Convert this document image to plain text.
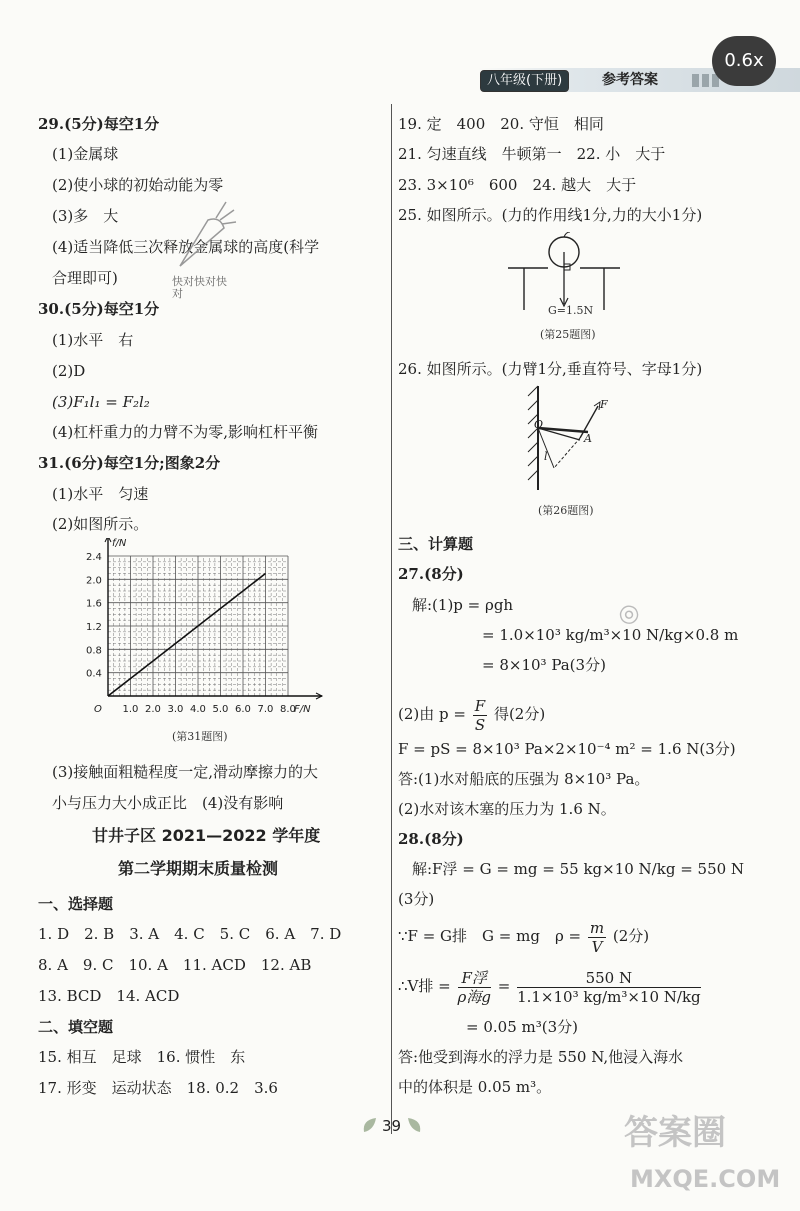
八年级(下册)	参考答案
0.6x
29.(5分)每空1分
(1)金属球
(2)使小球的初始动能为零
(3)多　大
(4)适当降低三次释放金属球的高度(科学
合理即可)	快对快对快对
30.(5分)每空1分
(1)水平　右
(2)D
(3)F₁l₁ = F₂l₂
(4)杠杆重力的力臂不为零,影响杠杆平衡
31.(6分)每空1分;图象2分
(1)水平　匀速
(2)如图所示。
1.0 2.0 3.0 4.0 5.0 6.0 7.0 8.0
0.4
0.8
1.2
1.6
2.0
2.4
F/N
f/N
O
(第31题图)
(3)接触面粗糙程度一定,滑动摩擦力的大
小与压力大小成正比　(4)没有影响
甘井子区 2021—2022 学年度
第二学期期末质量检测
一、选择题
1. D　2. B　3. A　4. C　5. C　6. A　7. D
8. A　9. C　10. A　11. ACD　12. AB
13. BCD　14. ACD
二、填空题
15. 相互　足球　16. 惯性　东
17. 形变　运动状态　18. 0.2　3.6
19. 定　400　20. 守恒　相同
21. 匀速直线　牛顿第一　22. 小　大于
23. 3×10⁶　600　24. 越大　大于
25. 如图所示。(力的作用线1分,力的大小1分)
G=1.5N
(第25题图)
26. 如图所示。(力臂1分,垂直符号、字母1分)
O
A
F
l
(第26题图)
三、计算题
27.(8分)
解:(1)p = ρgh
= 1.0×10³ kg/m³×10 N/kg×0.8 m
= 8×10³ Pa(3分)
◎
(2)由 $p = \frac{F}{S}$ 得(2分)
F = pS = 8×10³ Pa×2×10⁻⁴ m² = 1.6 N(3分)
答:(1)水对船底的压强为 8×10³ Pa。
(2)水对该木塞的压力为 1.6 N。
28.(8分)
解:F浮 = G = mg = 55 kg×10 N/kg = 550 N
(3分)
∵F = G排　G = mg　$\rho = \frac{m}{V} (2$分)
∴V排 = $\frac{\text{F浮}}{\text{ρ海g}} = \frac{550 N}{\text{1.1×10³ kg/m³×10 N/kg}}$
= 0.05 m³(3分)
答:他受到海水的浮力是 550 N,他浸入海水
中的体积是 0.05 m³。
39	答案圈
MXQE.COM
